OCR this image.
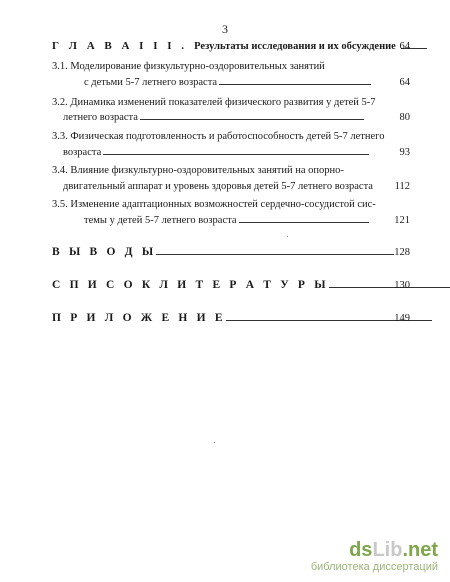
3
Г Л А В А I I I . Результаты исследования и их обсуждение 64
3.1. Моделирование физкультурно-оздоровительных занятий
с детьми 5-7 летнего возраста	64
3.2. Динамика изменений показателей физического развития у детей 5-7
летнего возраста	80
3.3. Физическая подготовленность и работоспособность детей 5-7 летнего
возраста	93
3.4. Влияние физкультурно-оздоровительных занятий на опорно-
двигательный аппарат и уровень здоровья детей 5-7 летнего возраста	112
3.5. Изменение адаптационных возможностей сердечно-сосудистой сис-
темы у детей 5-7 летнего возраста	121
В Ы В О Д Ы	128
С П И С О К Л И Т Е Р А Т У Р Ы	130
П Р И Л О Ж Е Н И Е	149
dsLib.net
библиотека диссертаций
